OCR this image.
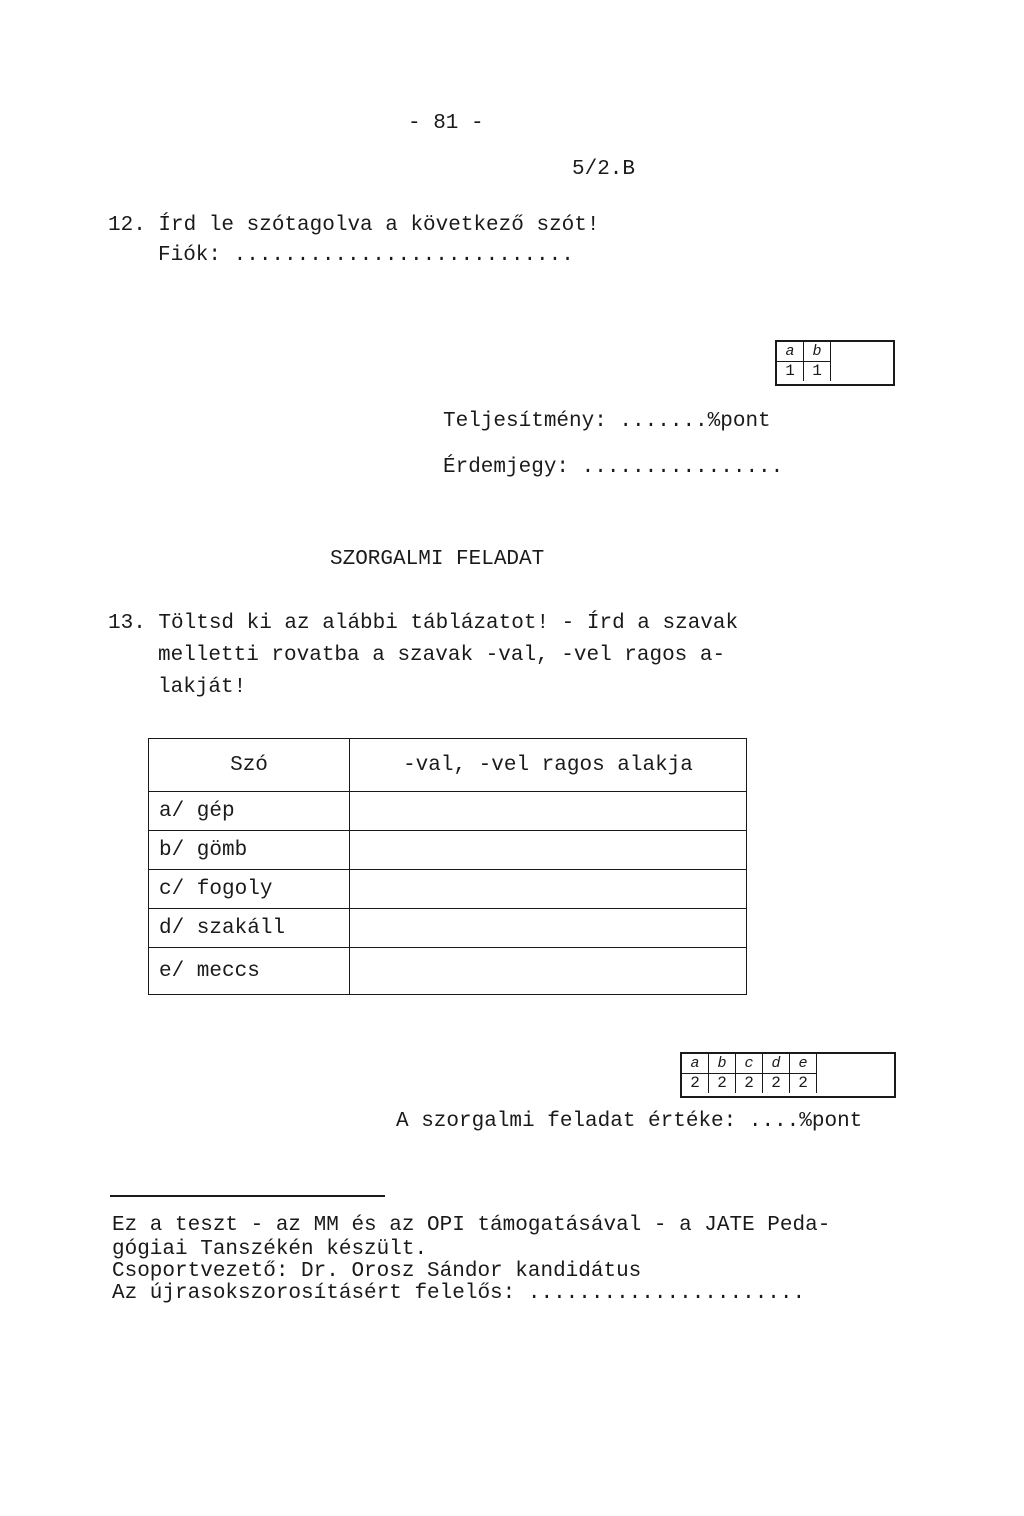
- 81 -
5/2.B
12. Írd le szótagolva a következő szót!
Fiók: ...........................
a	b
1	1
Teljesítmény: .......%pont
Érdemjegy: ................
SZORGALMI FELADAT
13. Töltsd ki az alábbi táblázatot! - Írd a szavak
melletti rovatba a szavak -val, -vel ragos a-
lakját!
Szó	-val, -vel ragos alakja
a/ gép	
b/ gömb	
c/ fogoly	
d/ szakáll	
e/ meccs	
a	b	c	d	e
2	2	2	2	2
A szorgalmi feladat értéke: ....%pont
Ez a teszt - az MM és az OPI támogatásával - a JATE Peda-
gógiai Tanszékén készült.
Csoportvezető: Dr. Orosz Sándor kandidátus
Az újrasokszorosításért felelős: ......................
